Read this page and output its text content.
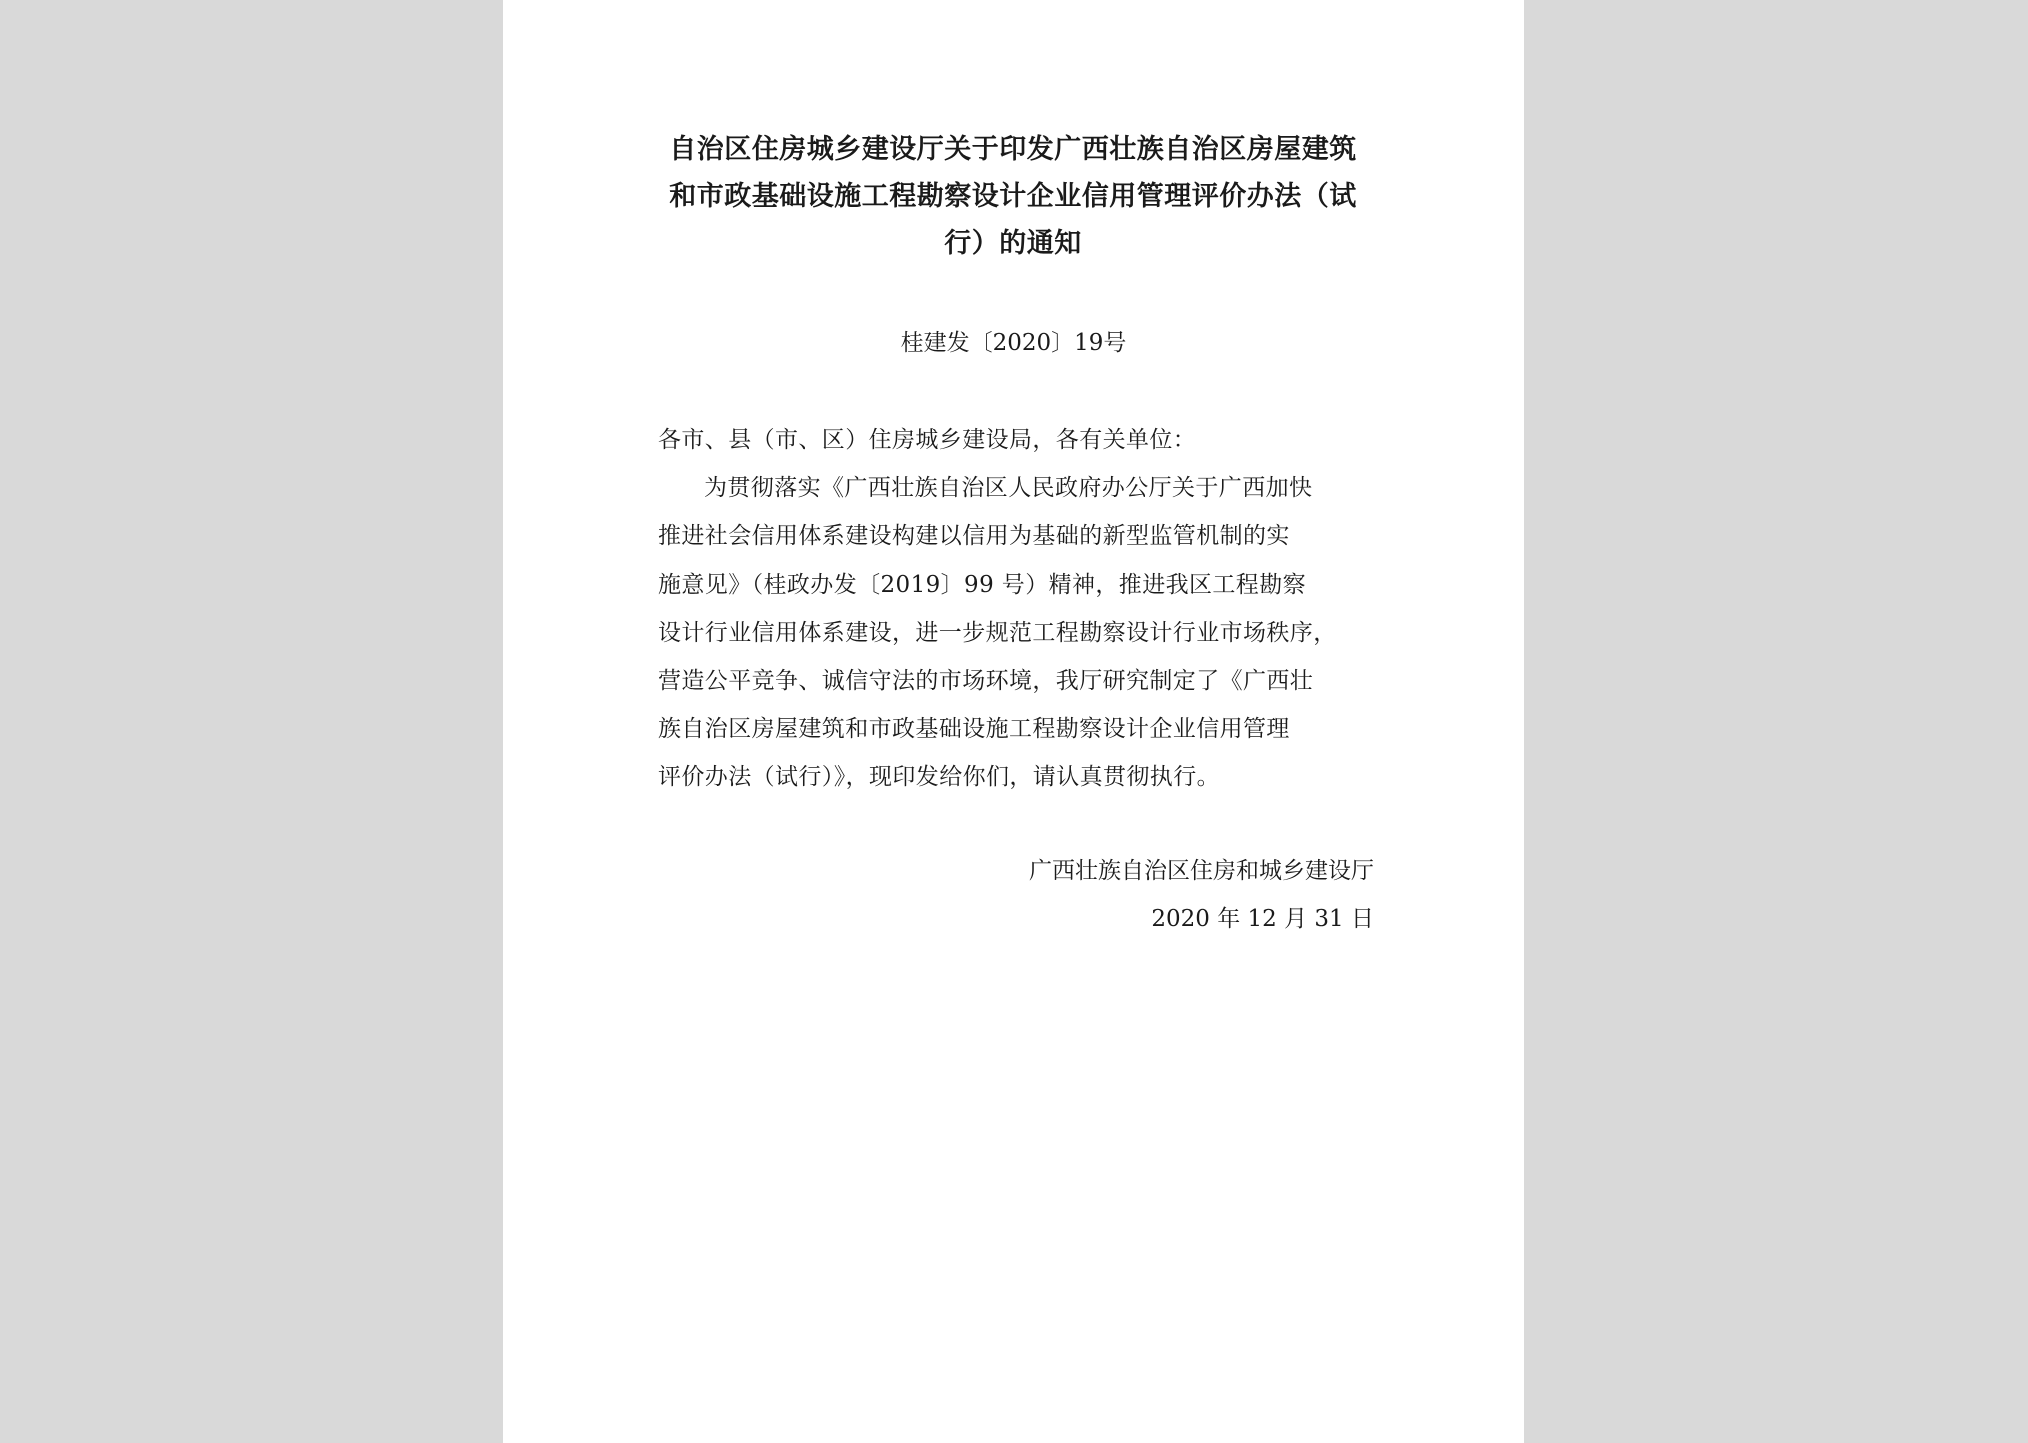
自治区住房城乡建设厅关于印发广西壮族自治区房屋建筑
和市政基础设施工程勘察设计企业信用管理评价办法（试
行）的通知
桂建发〔2020〕19号
各市、县（市、区）住房城乡建设局，各有关单位：
为贯彻落实《广西壮族自治区人民政府办公厅关于广西加快
推进社会信用体系建设构建以信用为基础的新型监管机制的实
施意见》（桂政办发〔2019〕99 号）精神，推进我区工程勘察
设计行业信用体系建设，进一步规范工程勘察设计行业市场秩序，
营造公平竞争、诚信守法的市场环境，我厅研究制定了《广西壮
族自治区房屋建筑和市政基础设施工程勘察设计企业信用管理
评价办法（试行）》，现印发给你们，请认真贯彻执行。
广西壮族自治区住房和城乡建设厅
2020 年 12 月 31 日
